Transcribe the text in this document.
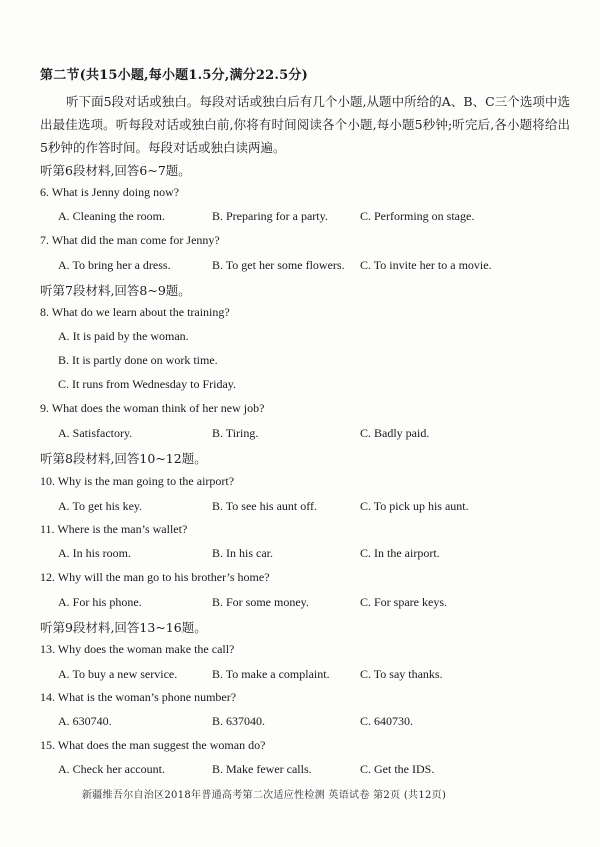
第二节(共15小题,每小题1.5分,满分22.5分)
听下面5段对话或独白。每段对话或独白后有几个小题,从题中所给的A、B、C三个选项中选出最佳选项。听每段对话或独白前,你将有时间阅读各个小题,每小题5秒钟;听完后,各小题将给出5秒钟的作答时间。每段对话或独白读两遍。
听第6段材料,回答6~7题。
6. What is Jenny doing now?
A. Cleaning the room.	B. Preparing for a party.	C. Performing on stage.
7. What did the man come for Jenny?
A. To bring her a dress.	B. To get her some flowers. C. To invite her to a movie.
听第7段材料,回答8~9题。
8. What do we learn about the training?
A. It is paid by the woman.
B. It is partly done on work time.
C. It runs from Wednesday to Friday.
9. What does the woman think of her new job?
A. Satisfactory.	B. Tiring.	C. Badly paid.
听第8段材料,回答10~12题。
10. Why is the man going to the airport?
A. To get his key.	B. To see his aunt off.	C. To pick up his aunt.
11. Where is the man’s wallet?
A. In his room.	B. In his car.	C. In the airport.
12. Why will the man go to his brother’s home?
A. For his phone.	B. For some money.	C. For spare keys.
听第9段材料,回答13~16题。
13. Why does the woman make the call?
A. To buy a new service.	B. To make a complaint.	C. To say thanks.
14. What is the woman’s phone number?
A. 630740.	B. 637040.	C. 640730.
15. What does the man suggest the woman do?
A. Check her account.	B. Make fewer calls.	C. Get the IDS.
新疆维吾尔自治区2018年普通高考第二次适应性检测 英语试卷 第2页 (共12页)
